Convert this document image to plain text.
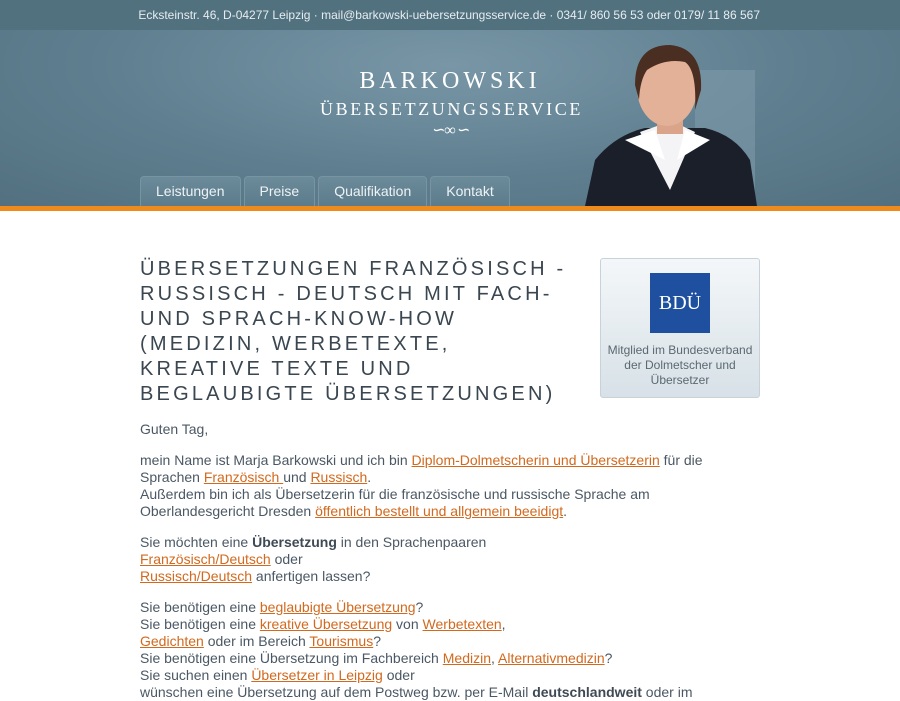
Ecksteinstr. 46, D-04277 Leipzig · mail@barkowski-uebersetzungsservice.de · 0341/ 860 56 53 oder 0179/ 11 86 567
BARKOWSKI
ÜBERSETZUNGSSERVICE
∽∞∽
Leistungen	Preise	Qualifikation	Kontakt
ÜBERSETZUNGEN FRANZÖSISCH - RUSSISCH - DEUTSCH MIT FACH- UND SPRACH-KNOW-HOW (MEDIZIN, WERBETEXTE, KREATIVE TEXTE UND BEGLAUBIGTE ÜBERSETZUNGEN)
BDÜ
Mitglied im Bundesverband der Dolmetscher und Übersetzer
Guten Tag,
mein Name ist Marja Barkowski und ich bin Diplom-Dolmetscherin und Übersetzerin für die Sprachen Französisch und Russisch.
Außerdem bin ich als Übersetzerin für die französische und russische Sprache am Oberlandesgericht Dresden öffentlich bestellt und allgemein beeidigt.
Sie möchten eine Übersetzung in den Sprachenpaaren
Französisch/Deutsch oder
Russisch/Deutsch anfertigen lassen?
Sie benötigen eine beglaubigte Übersetzung?
Sie benötigen eine kreative Übersetzung von Werbetexten,
Gedichten oder im Bereich Tourismus?
Sie benötigen eine Übersetzung im Fachbereich Medizin, Alternativmedizin?
Sie suchen einen Übersetzer in Leipzig oder
wünschen eine Übersetzung auf dem Postweg bzw. per E-Mail deutschlandweit oder im
